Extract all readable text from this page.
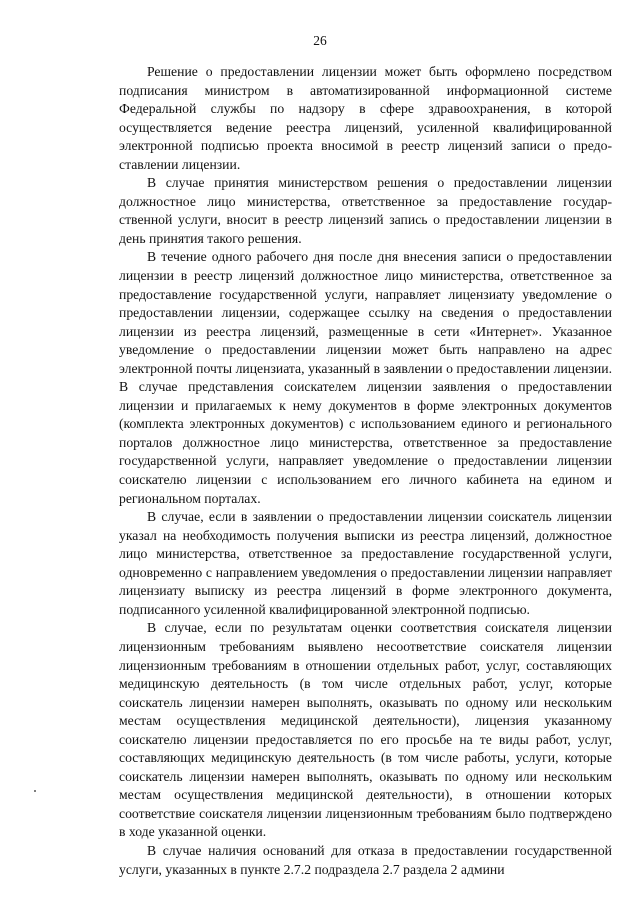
26

Решение о предоставлении лицензии может быть оформлено посредством подписания министром в автоматизированной информационной системе Федеральной службы по надзору в сфере здравоохранения, в которой осуществляется ведение реестра лицензий, усиленной квалифицированной электронной подписью проекта вносимой в реестр лицензий записи о предоставлении лицензии.

В случае принятия министерством решения о предоставлении лицензии должностное лицо министерства, ответственное за предоставление государственной услуги, вносит в реестр лицензий запись о предоставлении лицензии в день принятия такого решения.

В течение одного рабочего дня после дня внесения записи о предоставлении лицензии в реестр лицензий должностное лицо министерства, ответственное за предоставление государственной услуги, направляет лицензиату уведомление о предоставлении лицензии, содержащее ссылку на сведения о предоставлении лицензии из реестра лицензий, размещенные в сети «Интернет». Указанное уведомление о предоставлении лицензии может быть направлено на адрес электронной почты лицензиата, указанный в заявлении о предоставлении лицензии. В случае представления соискателем лицензии заявления о предоставлении лицензии и прилагаемых к нему документов в форме электронных документов (комплекта электронных документов) с использованием единого и регионального порталов должностное лицо министерства, ответственное за предоставление государственной услуги, направляет уведомление о предоставлении лицензии соискателю лицензии с использованием его личного кабинета на едином и региональном порталах.

В случае, если в заявлении о предоставлении лицензии соискатель лицензии указал на необходимость получения выписки из реестра лицензий, должностное лицо министерства, ответственное за предоставление государственной услуги, одновременно с направлением уведомления о предоставлении лицензии направляет лицензиату выписку из реестра лицензий в форме электронного документа, подписанного усиленной квалифицированной электронной подписью.

В случае, если по результатам оценки соответствия соискателя лицензии лицензионным требованиям выявлено несоответствие соискателя лицензии лицензионным требованиям в отношении отдельных работ, услуг, составляющих медицинскую деятельность (в том числе отдельных работ, услуг, которые соискатель лицензии намерен выполнять, оказывать по одному или нескольким местам осуществления медицинской деятельности), лицензия указанному соискателю лицензии предоставляется по его просьбе на те виды работ, услуг, составляющих медицинскую деятельность (в том числе работы, услуги, которые соискатель лицензии намерен выполнять, оказывать по одному или нескольким местам осуществления медицинской деятельности), в отношении которых соответствие соискателя лицензии лицензионным требованиям было подтверждено в ходе указанной оценки.

В случае наличия оснований для отказа в предоставлении государственной услуги, указанных в пункте 2.7.2 подраздела 2.7 раздела 2 админи
